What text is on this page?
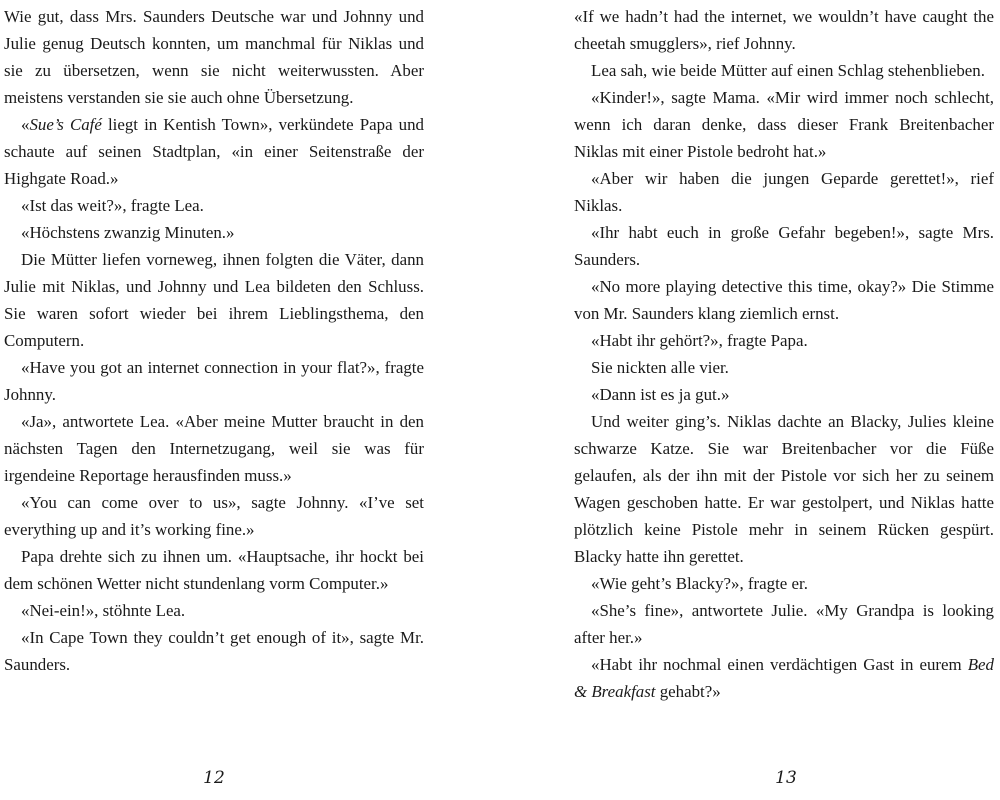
Wie gut, dass Mrs. Saunders Deutsche war und Johnny und Julie genug Deutsch konnten, um manchmal für Niklas und sie zu übersetzen, wenn sie nicht weiterwussten. Aber meistens verstanden sie sie auch ohne Übersetzung.

«Sue’s Café liegt in Kentish Town», verkündete Papa und schaute auf seinen Stadtplan, «in einer Seitenstraße der Highgate Road.»

«Ist das weit?», fragte Lea.

«Höchstens zwanzig Minuten.»

Die Mütter liefen vorneweg, ihnen folgten die Väter, dann Julie mit Niklas, und Johnny und Lea bildeten den Schluss. Sie waren sofort wieder bei ihrem Lieblingsthema, den Computern.

«Have you got an internet connection in your flat?», fragte Johnny.

«Ja», antwortete Lea. «Aber meine Mutter braucht in den nächsten Tagen den Internetzugang, weil sie was für irgendeine Reportage herausfinden muss.»

«You can come over to us», sagte Johnny. «I’ve set everything up and it’s working fine.»

Papa drehte sich zu ihnen um. «Hauptsache, ihr hockt bei dem schönen Wetter nicht stundenlang vorm Computer.»

«Nei-ein!», stöhnte Lea.

«In Cape Town they couldn’t get enough of it», sagte Mr. Saunders.

«If we hadn’t had the internet, we wouldn’t have caught the cheetah smugglers», rief Johnny.

Lea sah, wie beide Mütter auf einen Schlag stehenblieben.

«Kinder!», sagte Mama. «Mir wird immer noch schlecht, wenn ich daran denke, dass dieser Frank Breitenbacher Niklas mit einer Pistole bedroht hat.»

«Aber wir haben die jungen Geparde gerettet!», rief Niklas.

«Ihr habt euch in große Gefahr begeben!», sagte Mrs. Saunders.

«No more playing detective this time, okay?» Die Stimme von Mr. Saunders klang ziemlich ernst.

«Habt ihr gehört?», fragte Papa.

Sie nickten alle vier.

«Dann ist es ja gut.»

Und weiter ging’s. Niklas dachte an Blacky, Julies kleine schwarze Katze. Sie war Breitenbacher vor die Füße gelaufen, als der ihn mit der Pistole vor sich her zu seinem Wagen geschoben hatte. Er war gestolpert, und Niklas hatte plötzlich keine Pistole mehr in seinem Rücken gespürt. Blacky hatte ihn gerettet.

«Wie geht’s Blacky?», fragte er.

«She’s fine», antwortete Julie. «My Grandpa is looking after her.»

«Habt ihr nochmal einen verdächtigen Gast in eurem Bed & Breakfast gehabt?»

12	13
